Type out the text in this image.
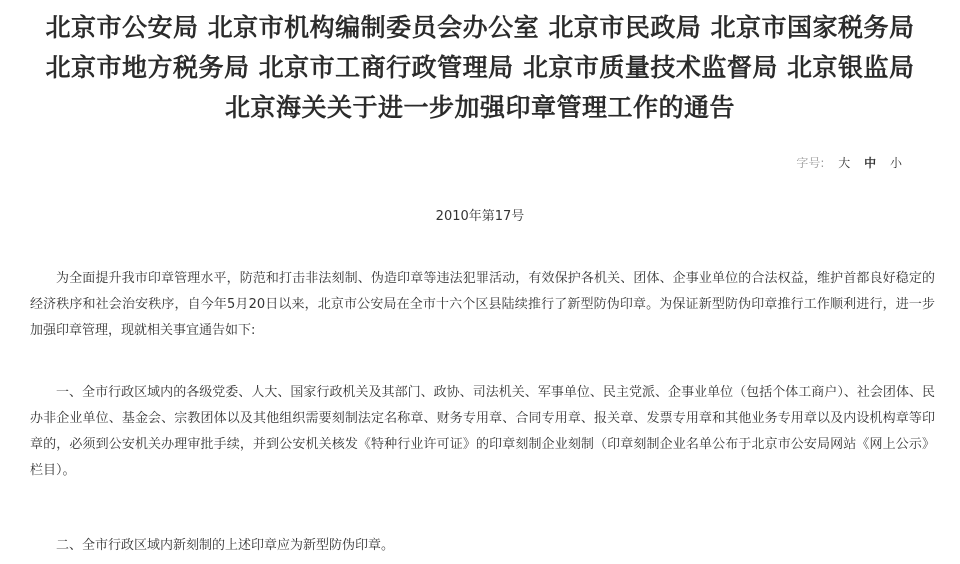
北京市公安局 北京市机构编制委员会办公室 北京市民政局 北京市国家税务局 北京市地方税务局 北京市工商行政管理局 北京市质量技术监督局 北京银监局 北京海关关于进一步加强印章管理工作的通告
字号: 大 中 小
2010年第17号

为全面提升我市印章管理水平，防范和打击非法刻制、伪造印章等违法犯罪活动，有效保护各机关、团体、企事业单位的合法权益，维护首都良好稳定的经济秩序和社会治安秩序，自今年5月20日以来，北京市公安局在全市十六个区县陆续推行了新型防伪印章。为保证新型防伪印章推行工作顺利进行，进一步加强印章管理，现就相关事宜通告如下:

一、全市行政区域内的各级党委、人大、国家行政机关及其部门、政协、司法机关、军事单位、民主党派、企事业单位（包括个体工商户）、社会团体、民办非企业单位、基金会、宗教团体以及其他组织需要刻制法定名称章、财务专用章、合同专用章、报关章、发票专用章和其他业务专用章以及内设机构章等印章的，必须到公安机关办理审批手续，并到公安机关核发《特种行业许可证》的印章刻制企业刻制（印章刻制企业名单公布于北京市公安局网站《网上公示》栏目）。

二、全市行政区域内新刻制的上述印章应为新型防伪印章。
